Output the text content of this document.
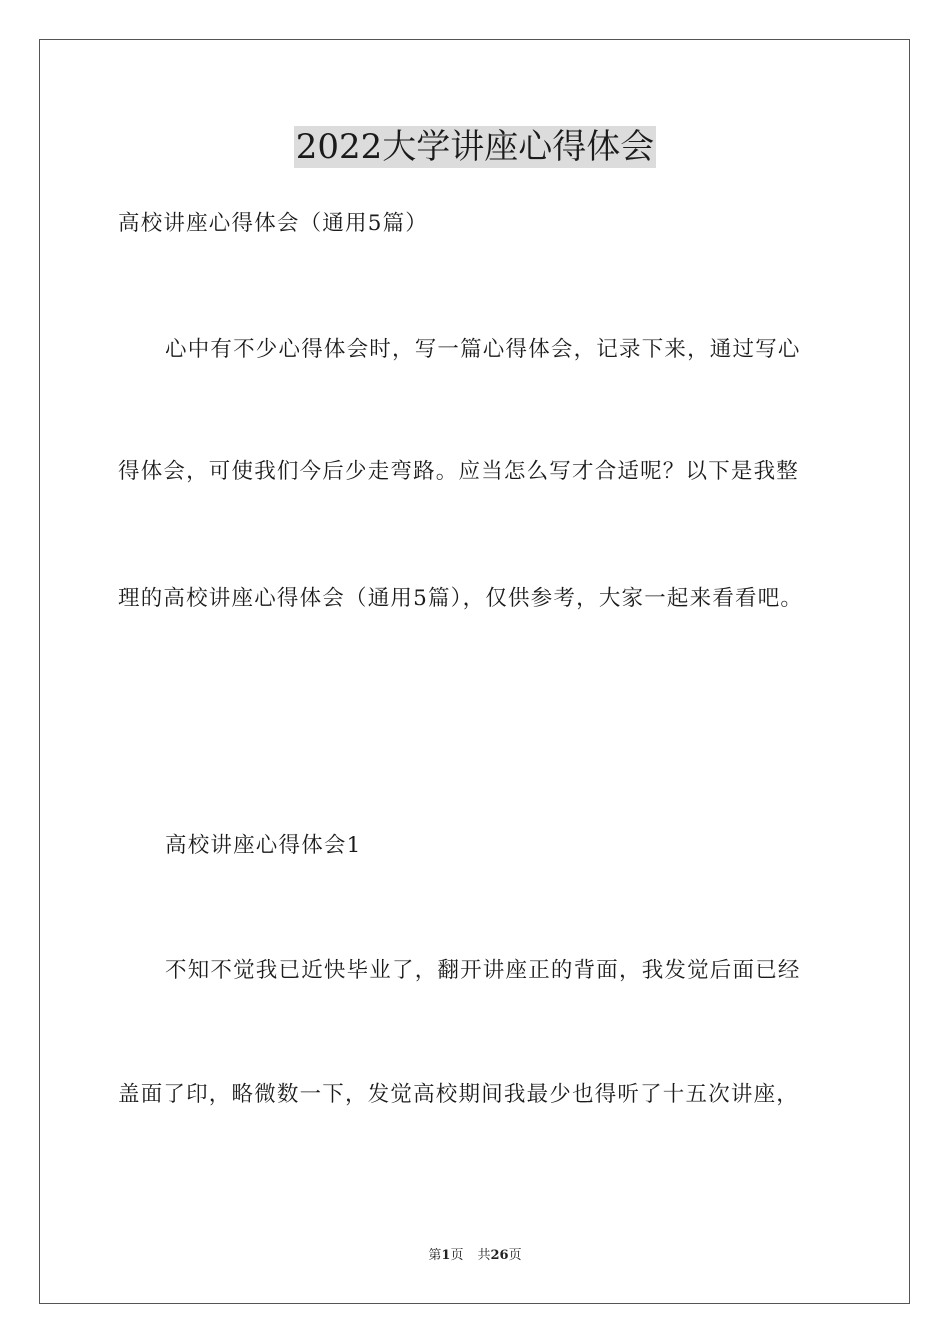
2022大学讲座心得体会
高校讲座心得体会（通用5篇）
心中有不少心得体会时，写一篇心得体会，记录下来，通过写心
得体会，可使我们今后少走弯路。应当怎么写才合适呢？以下是我整
理的高校讲座心得体会（通用5篇），仅供参考，大家一起来看看吧。
高校讲座心得体会1
不知不觉我已近快毕业了，翻开讲座正的背面，我发觉后面已经
盖面了印，略微数一下，发觉高校期间我最少也得听了十五次讲座，
第1页 共26页
